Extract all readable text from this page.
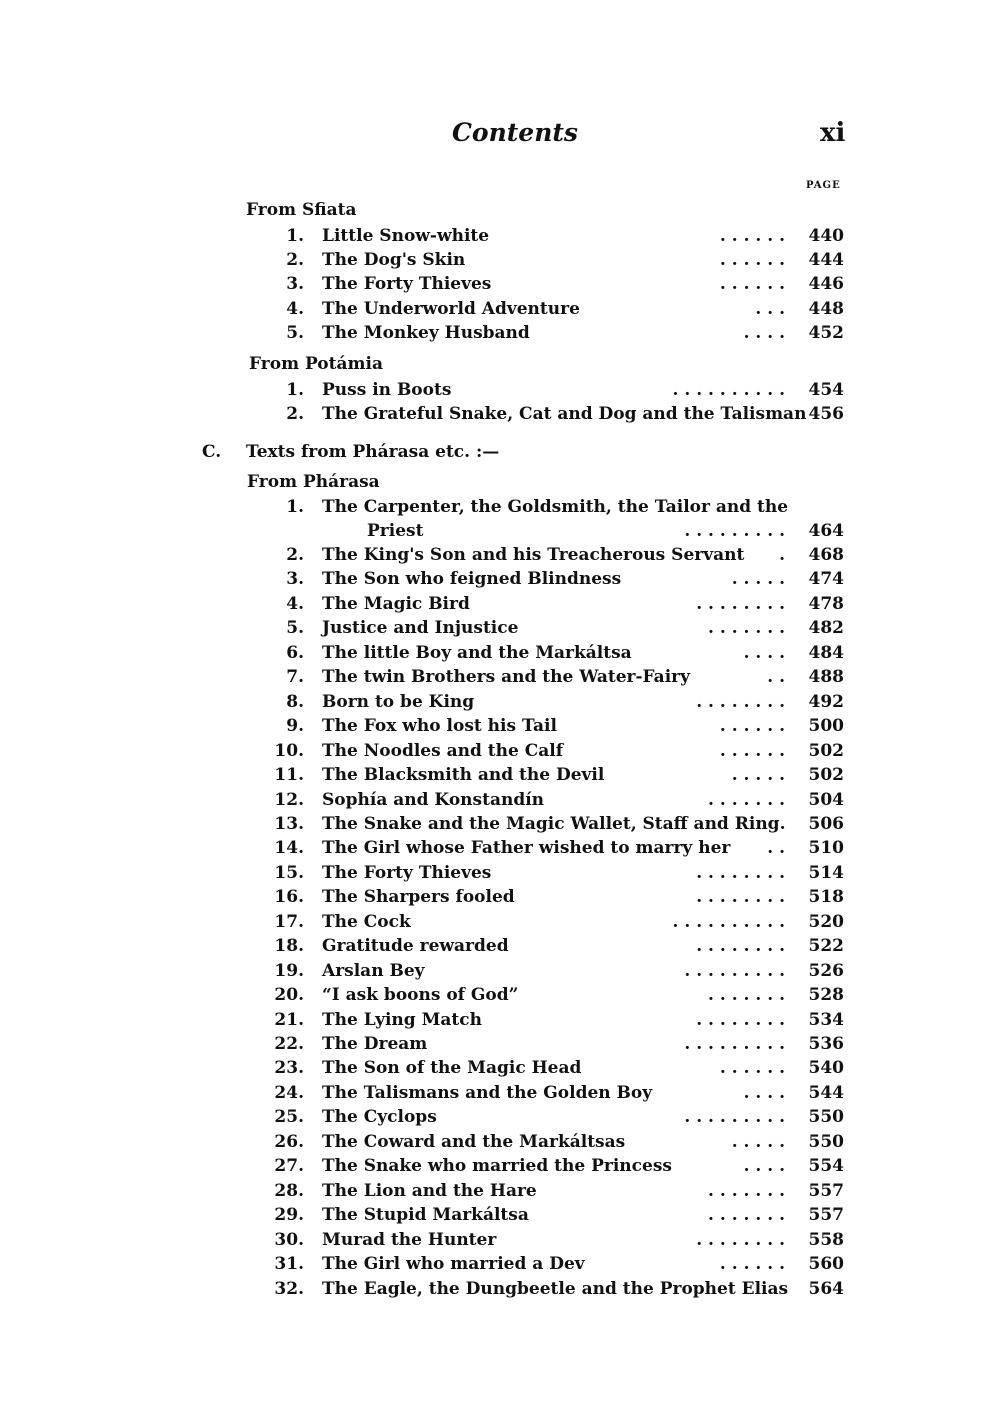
Contents	xi
PAGE
From Sfiata
1. Little Snow-white	. . . . . .	440
2. The Dog's Skin	. . . . . .	444
3. The Forty Thieves	. . . . . .	446
4. The Underworld Adventure	. . .	448
5. The Monkey Husband	. . . .	452
From Potámia
1. Puss in Boots	. . . . . . . . . .	454
2. The Grateful Snake, Cat and Dog and the Talisman 456
C. Texts from Phárasa etc. :—
From Phárasa
1. The Carpenter, the Goldsmith, the Tailor and the
Priest	. . . . . . . . .	464
2. The King's Son and his Treacherous Servant .	468
3. The Son who feigned Blindness	. . . . .	474
4. The Magic Bird	. . . . . . . .	478
5. Justice and Injustice	. . . . . . .	482
6. The little Boy and the Markáltsa	. . . .	484
7. The twin Brothers and the Water-Fairy	. .	488
8. Born to be King	. . . . . . . .	492
9. The Fox who lost his Tail	. . . . . .	500
10. The Noodles and the Calf	. . . . . .	502
11. The Blacksmith and the Devil	. . . . .	502
12. Sophía and Konstandín	. . . . . . .	504
13. The Snake and the Magic Wallet, Staff and Ring.	506
14. The Girl whose Father wished to marry her . .	510
15. The Forty Thieves	. . . . . . . .	514
16. The Sharpers fooled	. . . . . . . .	518
17. The Cock	. . . . . . . . . .	520
18. Gratitude rewarded	. . . . . . . .	522
19. Arslan Bey	. . . . . . . . .	526
20. “I ask boons of God”	. . . . . . .	528
21. The Lying Match	. . . . . . . .	534
22. The Dream	. . . . . . . . .	536
23. The Son of the Magic Head	. . . . . .	540
24. The Talismans and the Golden Boy	. . . .	544
25. The Cyclops	. . . . . . . . .	550
26. The Coward and the Markáltsas	. . . . .	550
27. The Snake who married the Princess	. . . .	554
28. The Lion and the Hare	. . . . . . .	557
29. The Stupid Markáltsa	. . . . . . .	557
30. Murad the Hunter	. . . . . . . .	558
31. The Girl who married a Dev	. . . . . .	560
32. The Eagle, the Dungbeetle and the Prophet Elias	564
